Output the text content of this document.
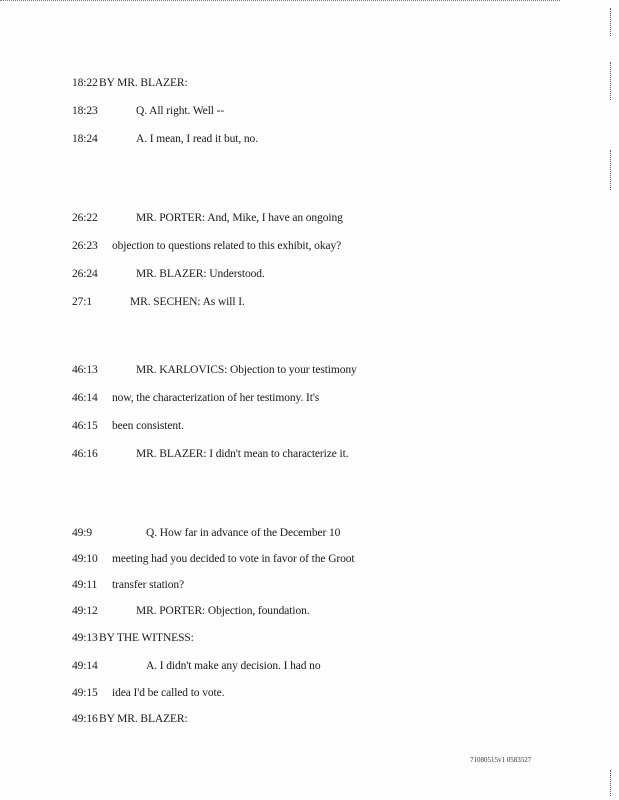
18:22 BY MR. BLAZER:
18:23	Q. All right. Well --
18:24	A. I mean, I read it but, no.
26:22	MR. PORTER: And, Mike, I have an ongoing
26:23 objection to questions related to this exhibit, okay?
26:24	MR. BLAZER: Understood.
27:1	MR. SECHEN: As will I.
46:13	MR. KARLOVICS: Objection to your testimony
46:14 now, the characterization of her testimony. It's
46:15 been consistent.
46:16	MR. BLAZER: I didn't mean to characterize it.
49:9	Q. How far in advance of the December 10
49:10 meeting had you decided to vote in favor of the Groot
49:11 transfer station?
49:12	MR. PORTER: Objection, foundation.
49:13 BY THE WITNESS:
49:14	A. I didn't make any decision. I had no
49:15 idea I'd be called to vote.
49:16 BY MR. BLAZER:
71080515v1 0583527
